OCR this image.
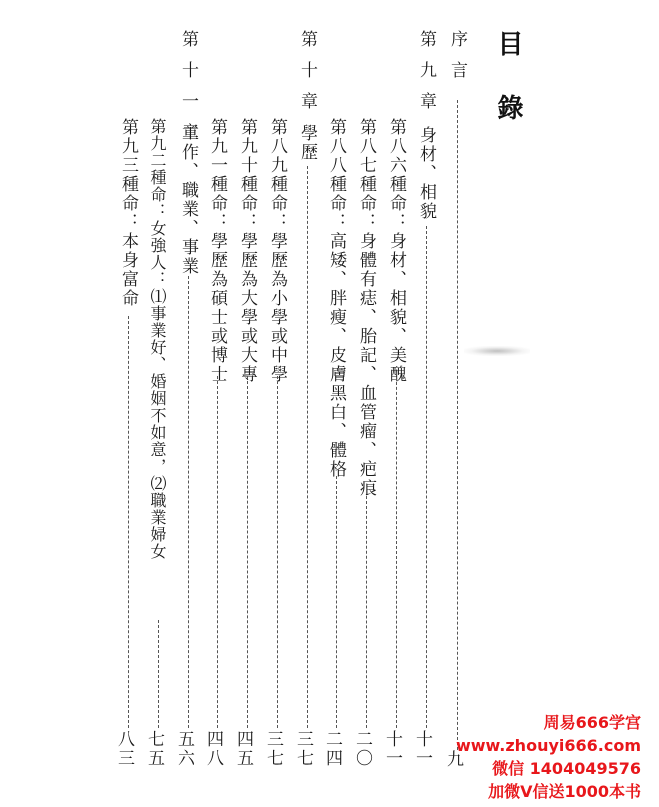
目錄
序言
九
第九章
身材、相貌
十一
第八六種命：身材、相貌、美醜
十一
第八七種命：身體有痣、胎記、血管瘤、疤痕
二〇
第八八種命：高矮、胖瘦、皮膚黑白、體格
二四
第十章
學歷
三七
第八九種命：學歷為小學或中學
三七
第九十種命：學歷為大學或大專
四五
第九一種命：學歷為碩士或博士
四八
第十一章
工作、職業、事業
五六
第九二種命：女強人：⑴事業好、婚姻不如意，⑵職業婦女
七五
第九三種命：本身富命
八三
周易666学宫
www.zhouyi666.com
微信 1404049576
加微V信送1000本书
